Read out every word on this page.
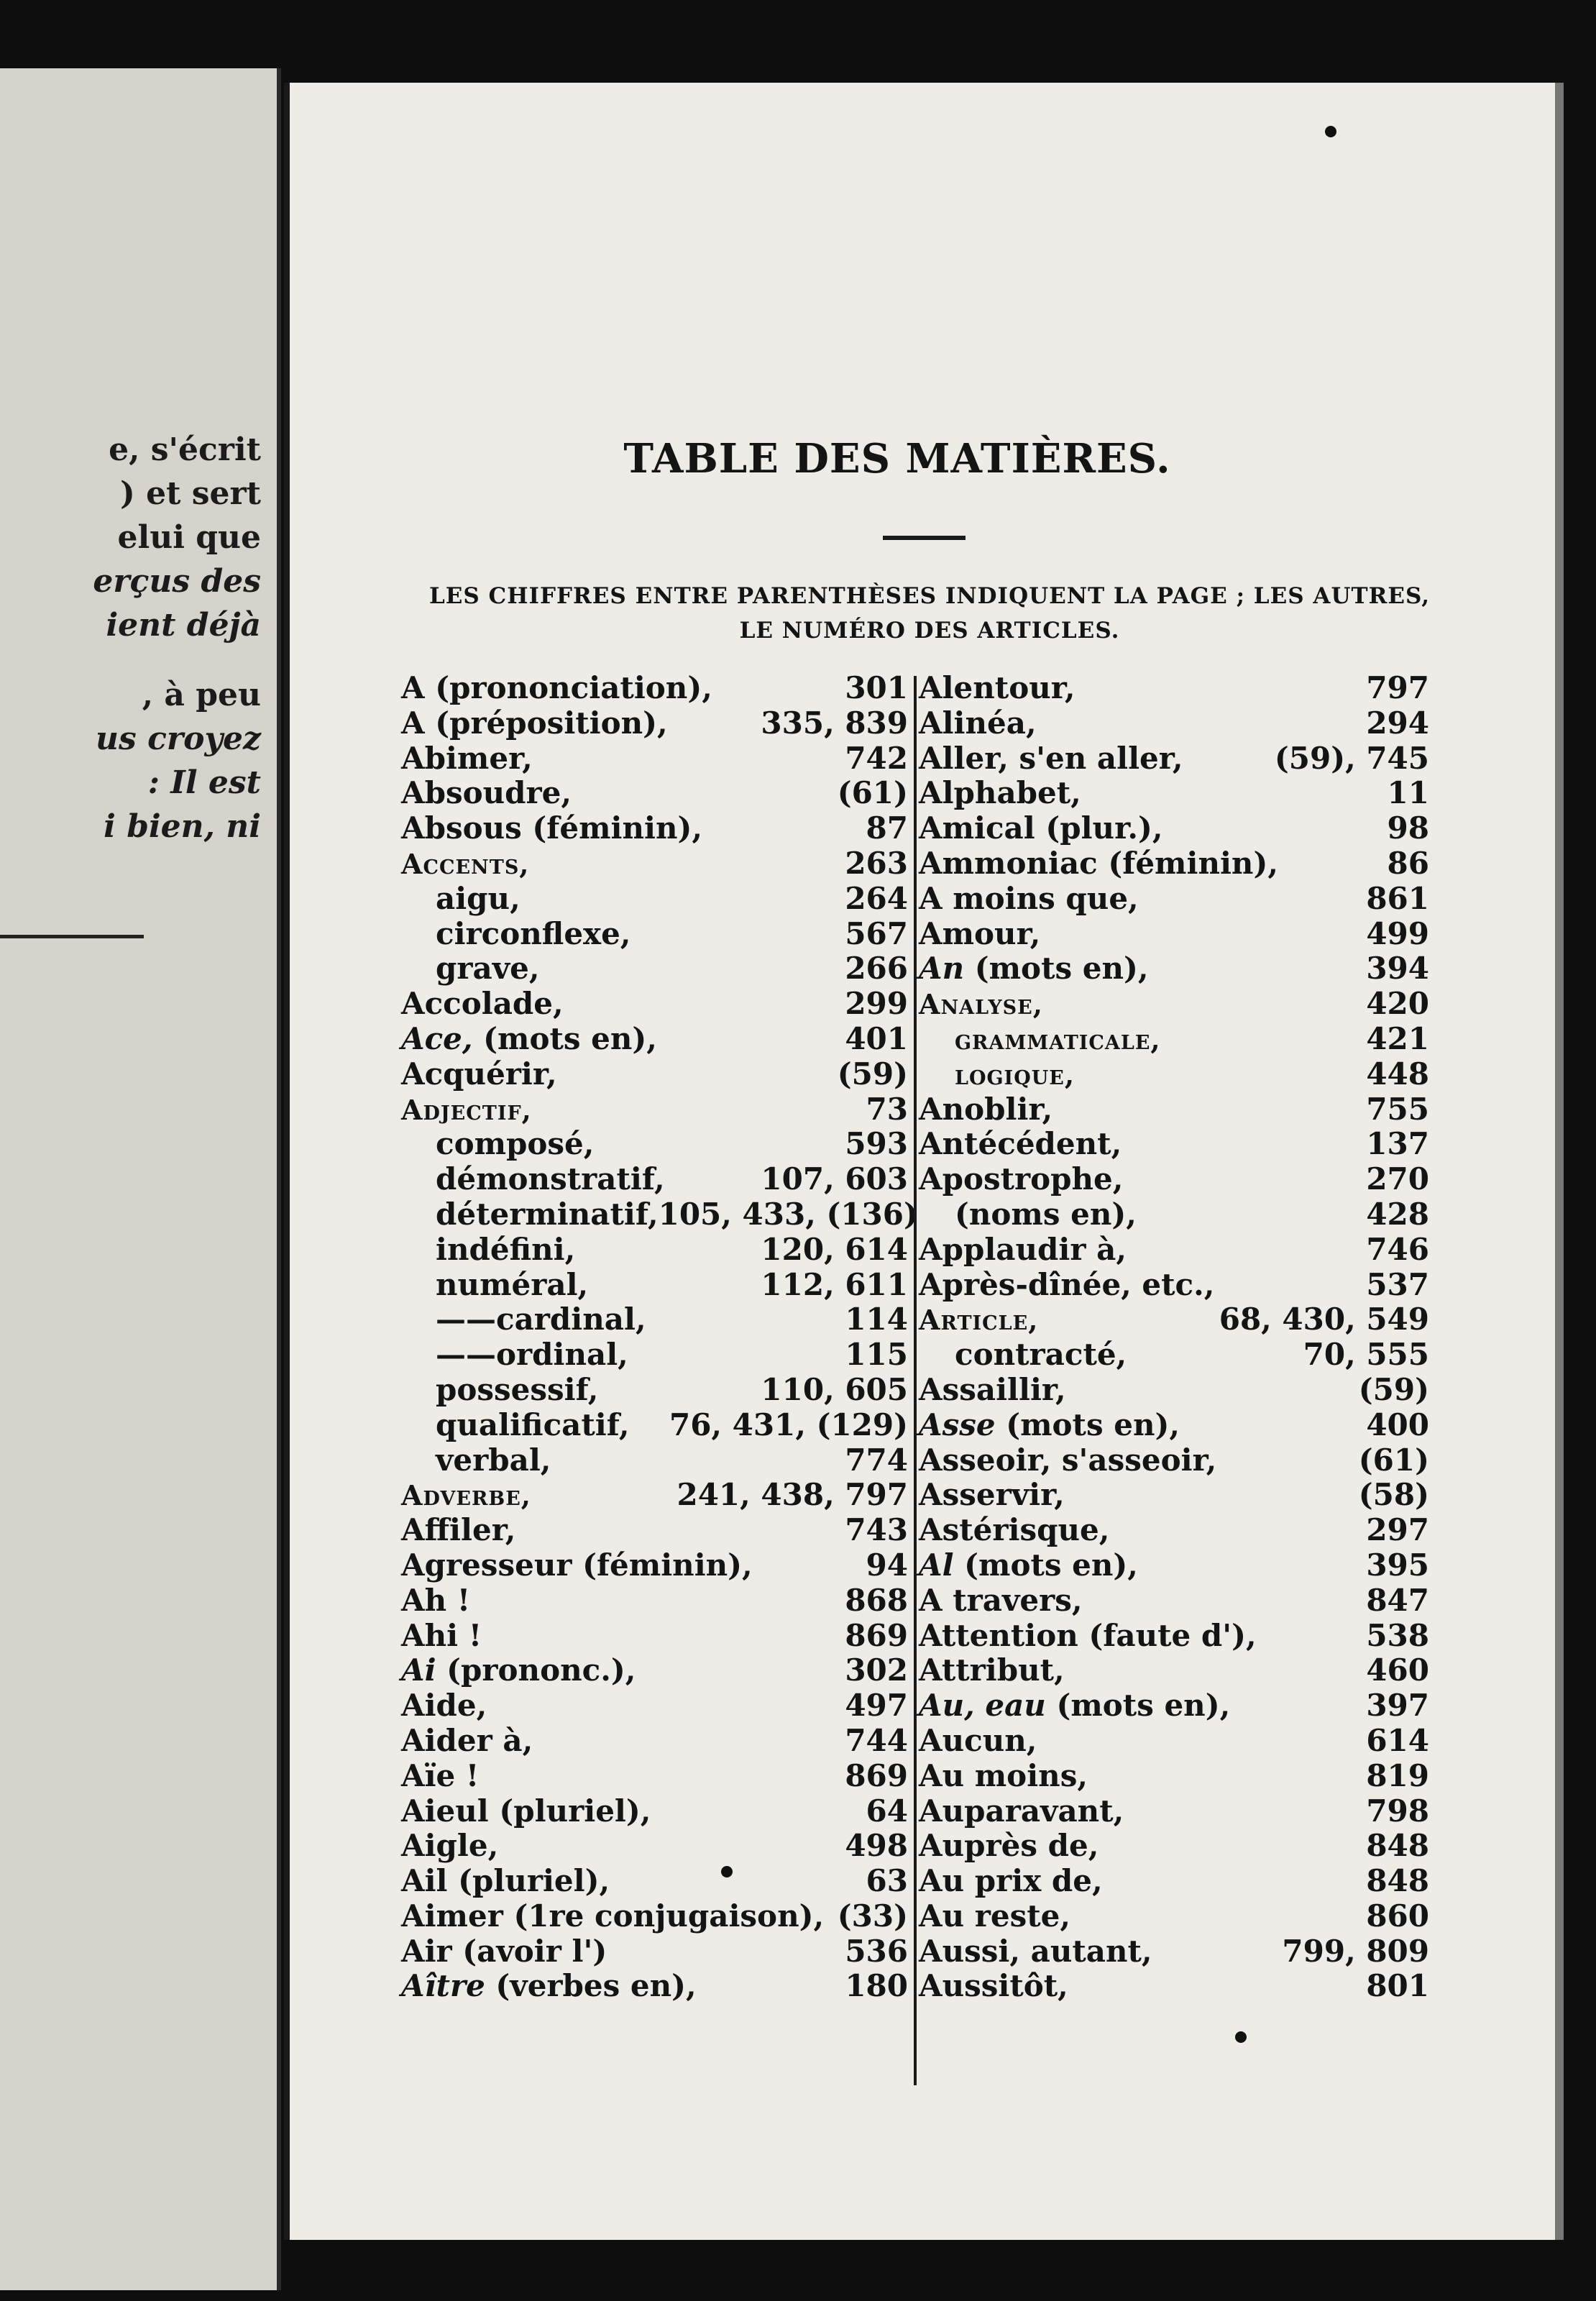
e, s'écrit
) et sert
elui que
erçus des
ient déjà
, à peu
us croyez
: Il est
i bien, ni
TABLE DES MATIÈRES.
LES CHIFFRES ENTRE PARENTHÈSES INDIQUENT LA PAGE ; LES AUTRES,
LE NUMÉRO DES ARTICLES.
A (prononciation),	301
A (préposition),	335, 839
Abimer,	742
Absoudre,	(61)
Absous (féminin),	87
Accents,	263
aigu,	264
circonflexe,	567
grave,	266
Accolade,	299
Ace, (mots en),	401
Acquérir,	(59)
Adjectif,	73
composé,	593
démonstratif,	107, 603
déterminatif, 105, 433, (136)
indéfini,	120, 614
numéral,	112, 611
——cardinal,	114
——ordinal,	115
possessif,	110, 605
qualificatif, 76, 431, (129)
verbal,	774
Adverbe,	241, 438, 797
Affiler,	743
Agresseur (féminin),	94
Ah !	868
Ahi !	869
Ai (prononc.),	302
Aide,	497
Aider à,	744
Aïe !	869
Aieul (pluriel),	64
Aigle,	498
Ail (pluriel),	63
Aimer (1re conjugaison), (33)
Air (avoir l')	536
Aître (verbes en),	180
Alentour,	797
Alinéa,	294
Aller, s'en aller,	(59), 745
Alphabet,	11
Amical (plur.),	98
Ammoniac (féminin),	86
A moins que,	861
Amour,	499
An (mots en),	394
Analyse,	420
grammaticale,	421
logique,	448
Anoblir,	755
Antécédent,	137
Apostrophe,	270
(noms en),	428
Applaudir à,	746
Après-dînée, etc.,	537
Article,	68, 430, 549
contracté,	70, 555
Assaillir,	(59)
Asse (mots en),	400
Asseoir, s'asseoir,	(61)
Asservir,	(58)
Astérisque,	297
Al (mots en),	395
A travers,	847
Attention (faute d'),	538
Attribut,	460
Au, eau (mots en),	397
Aucun,	614
Au moins,	819
Auparavant,	798
Auprès de,	848
Au prix de,	848
Au reste,	860
Aussi, autant,	799, 809
Aussitôt,	801
